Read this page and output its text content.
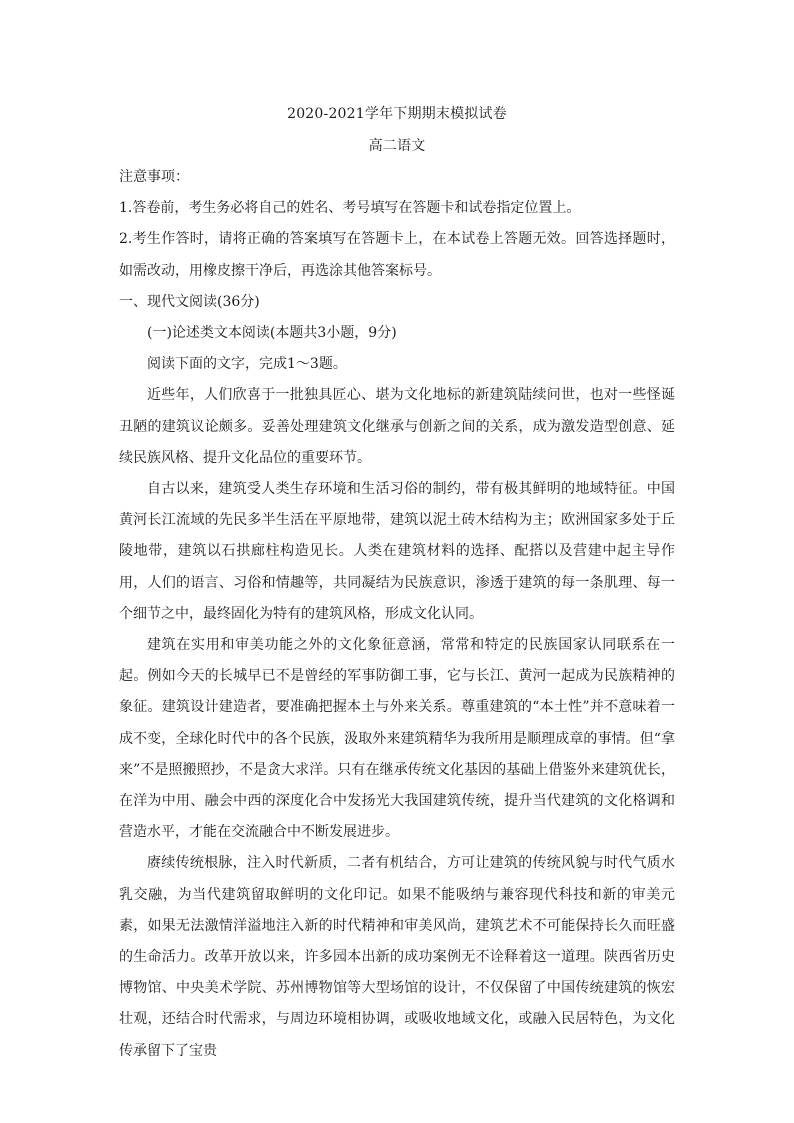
2020-2021学年下期期末模拟试卷
高二语文

注意事项：

1.答卷前，考生务必将自己的姓名、考号填写在答题卡和试卷指定位置上。

2.考生作答时，请将正确的答案填写在答题卡上，在本试卷上答题无效。回答选择题时，如需改动，用橡皮擦干净后，再选涂其他答案标号。

一、现代文阅读(36分)

(一)论述类文本阅读(本题共3小题，9分)

阅读下面的文字，完成1～3题。

近些年，人们欣喜于一批独具匠心、堪为文化地标的新建筑陆续问世，也对一些怪诞丑陋的建筑议论颇多。妥善处理建筑文化继承与创新之间的关系，成为激发造型创意、延续民族风格、提升文化品位的重要环节。

自古以来，建筑受人类生存环境和生活习俗的制约，带有极其鲜明的地域特征。中国黄河长江流域的先民多半生活在平原地带，建筑以泥土砖木结构为主；欧洲国家多处于丘陵地带，建筑以石拱廊柱构造见长。人类在建筑材料的选择、配搭以及营建中起主导作用，人们的语言、习俗和情趣等，共同凝结为民族意识，渗透于建筑的每一条肌理、每一个细节之中，最终固化为特有的建筑风格，形成文化认同。

建筑在实用和审美功能之外的文化象征意涵，常常和特定的民族国家认同联系在一起。例如今天的长城早已不是曾经的军事防御工事，它与长江、黄河一起成为民族精神的象征。建筑设计建造者，要准确把握本土与外来关系。尊重建筑的“本土性”并不意味着一成不变，全球化时代中的各个民族，汲取外来建筑精华为我所用是顺理成章的事情。但“拿来”不是照搬照抄，不是贪大求洋。只有在继承传统文化基因的基础上借鉴外来建筑优长，在洋为中用、融会中西的深度化合中发扬光大我国建筑传统，提升当代建筑的文化格调和营造水平，才能在交流融合中不断发展进步。

赓续传统根脉，注入时代新质，二者有机结合，方可让建筑的传统风貌与时代气质水乳交融，为当代建筑留取鲜明的文化印记。如果不能吸纳与兼容现代科技和新的审美元素，如果无法激情洋溢地注入新的时代精神和审美风尚，建筑艺术不可能保持长久而旺盛的生命活力。改革开放以来，许多园本出新的成功案例无不诠释着这一道理。陕西省历史博物馆、中央美术学院、苏州博物馆等大型场馆的设计，不仅保留了中国传统建筑的恢宏壮观，还结合时代需求，与周边环境相协调，或吸收地域文化，或融入民居特色，为文化传承留下了宝贵
